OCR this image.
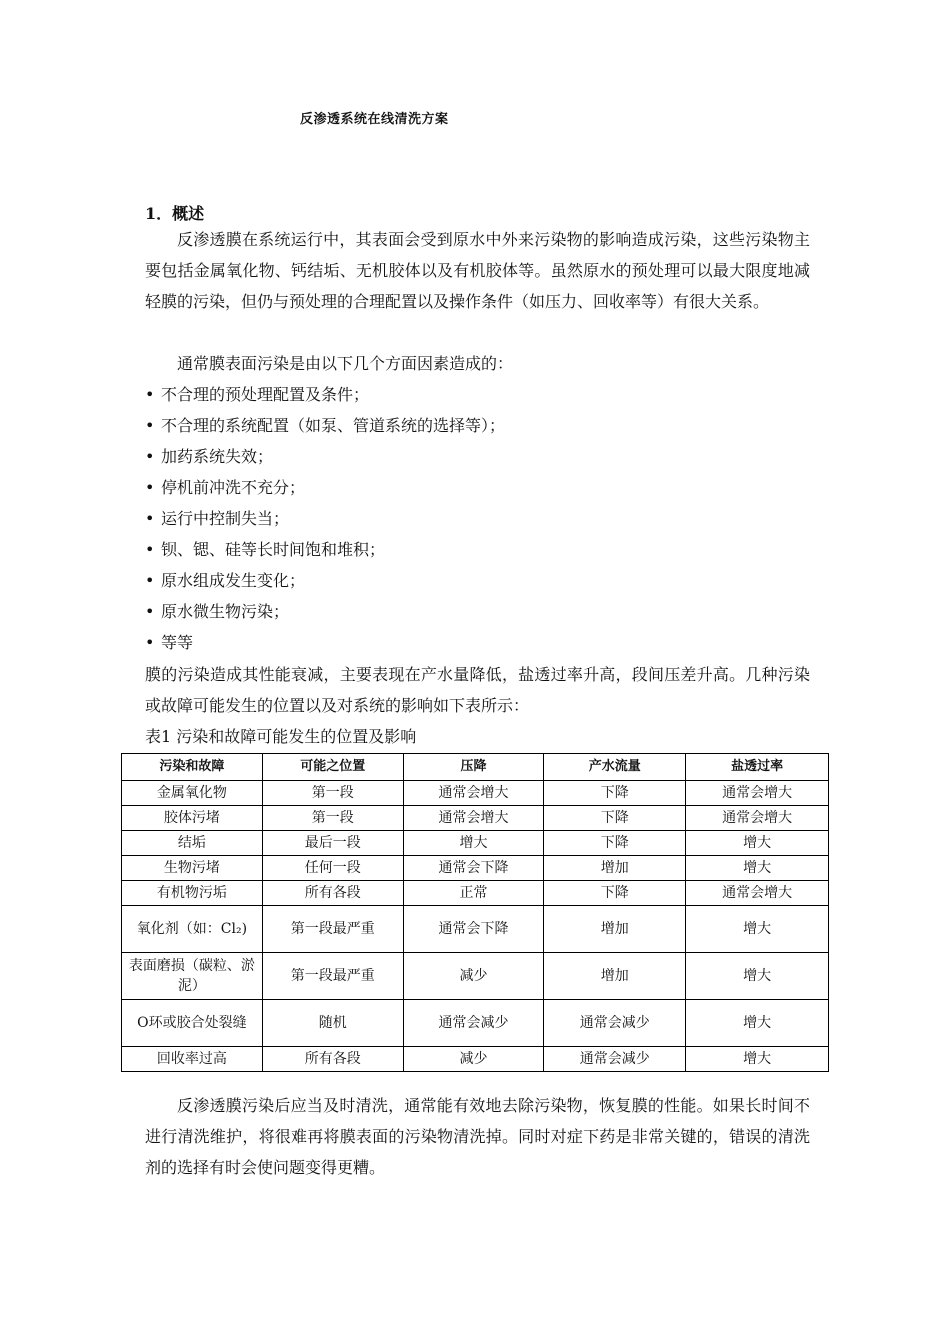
反渗透系统在线清洗方案
1．概述

反渗透膜在系统运行中，其表面会受到原水中外来污染物的影响造成污染，这些污染物主要包括金属氧化物、钙结垢、无机胶体以及有机胶体等。虽然原水的预处理可以最大限度地减轻膜的污染，但仍与预处理的合理配置以及操作条件（如压力、回收率等）有很大关系。

通常膜表面污染是由以下几个方面因素造成的：

• 不合理的预处理配置及条件；
• 不合理的系统配置（如泵、管道系统的选择等）；
• 加药系统失效；
• 停机前冲洗不充分；
• 运行中控制失当；
• 钡、锶、硅等长时间饱和堆积；
• 原水组成发生变化；
• 原水微生物污染；
• 等等

膜的污染造成其性能衰减，主要表现在产水量降低，盐透过率升高，段间压差升高。几种污染或故障可能发生的位置以及对系统的影响如下表所示：

表1 污染和故障可能发生的位置及影响
污染和故障	可能之位置	压降	产水流量	盐透过率
金属氧化物	第一段	通常会增大	下降	通常会增大
胶体污堵	第一段	通常会增大	下降	通常会增大
结垢	最后一段	增大	下降	增大
生物污堵	任何一段	通常会下降	增加	增大
有机物污垢	所有各段	正常	下降	通常会增大
氧化剂（如：Cl₂)	第一段最严重	通常会下降	增加	增大
表面磨损（碳粒、淤泥）	第一段最严重	减少	增加	增大
O环或胶合处裂缝	随机	通常会减少	通常会减少	增大
回收率过高	所有各段	减少	通常会减少	增大

反渗透膜污染后应当及时清洗，通常能有效地去除污染物，恢复膜的性能。如果长时间不进行清洗维护，将很难再将膜表面的污染物清洗掉。同时对症下药是非常关键的，错误的清洗剂的选择有时会使问题变得更糟。
